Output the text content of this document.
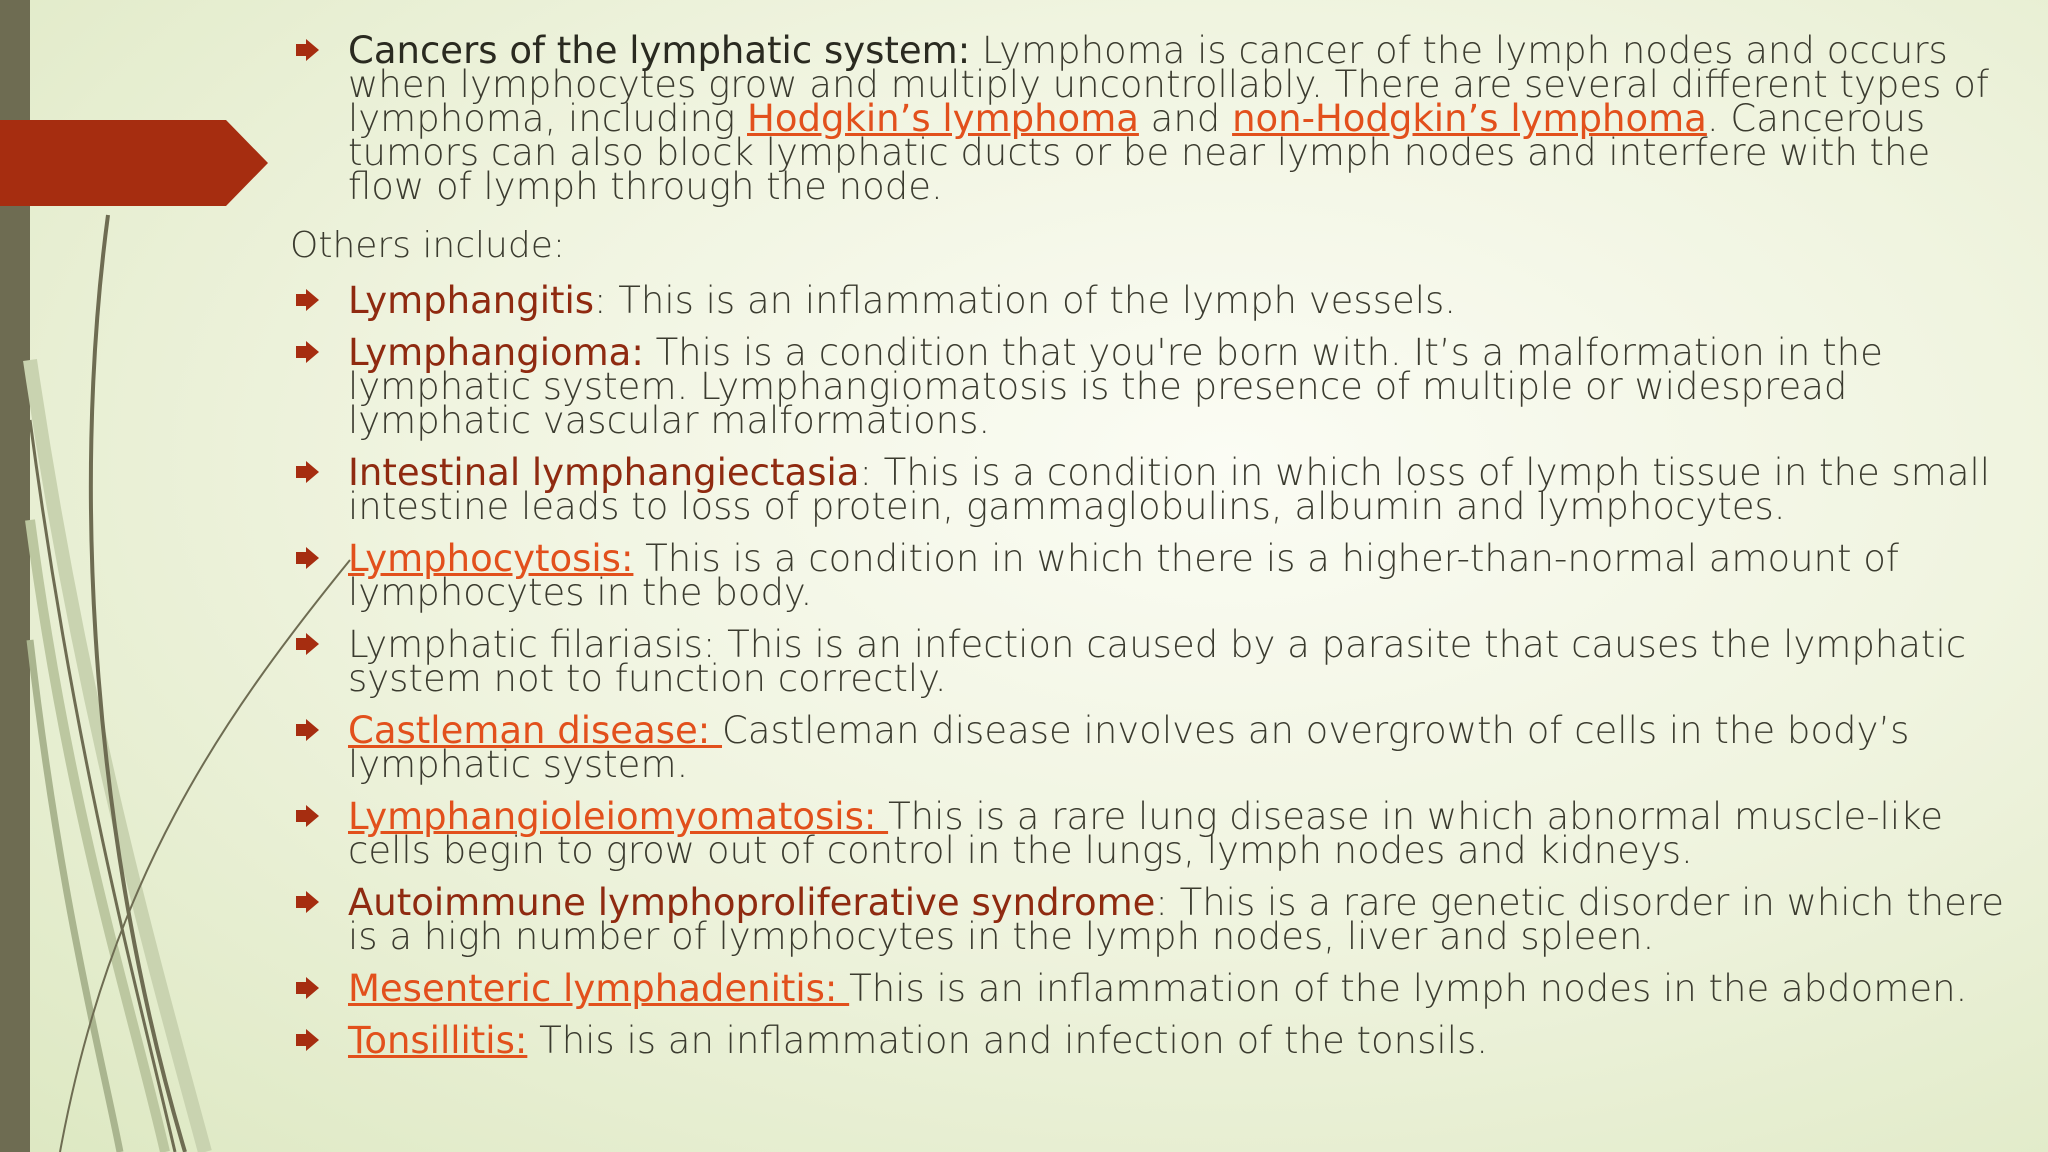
Cancers of the lymphatic system: Lymphoma is cancer of the lymph nodes and occurs when lymphocytes grow and multiply uncontrollably. There are several different types of lymphoma, including Hodgkin’s lymphoma and non-Hodgkin’s lymphoma. Cancerous tumors can also block lymphatic ducts or be near lymph nodes and interfere with the flow of lymph through the node.
Others include:
Lymphangitis: This is an inflammation of the lymph vessels.
Lymphangioma: This is a condition that you're born with. It’s a malformation in the lymphatic system. Lymphangiomatosis is the presence of multiple or widespread lymphatic vascular malformations.
Intestinal lymphangiectasia: This is a condition in which loss of lymph tissue in the small intestine leads to loss of protein, gammaglobulins, albumin and lymphocytes.
Lymphocytosis: This is a condition in which there is a higher-than-normal amount of lymphocytes in the body.
Lymphatic filariasis: This is an infection caused by a parasite that causes the lymphatic system not to function correctly.
Castleman disease: Castleman disease involves an overgrowth of cells in the body’s lymphatic system.
Lymphangioleiomyomatosis: This is a rare lung disease in which abnormal muscle-like cells begin to grow out of control in the lungs, lymph nodes and kidneys.
Autoimmune lymphoproliferative syndrome: This is a rare genetic disorder in which there is a high number of lymphocytes in the lymph nodes, liver and spleen.
Mesenteric lymphadenitis: This is an inflammation of the lymph nodes in the abdomen.
Tonsillitis: This is an inflammation and infection of the tonsils.
